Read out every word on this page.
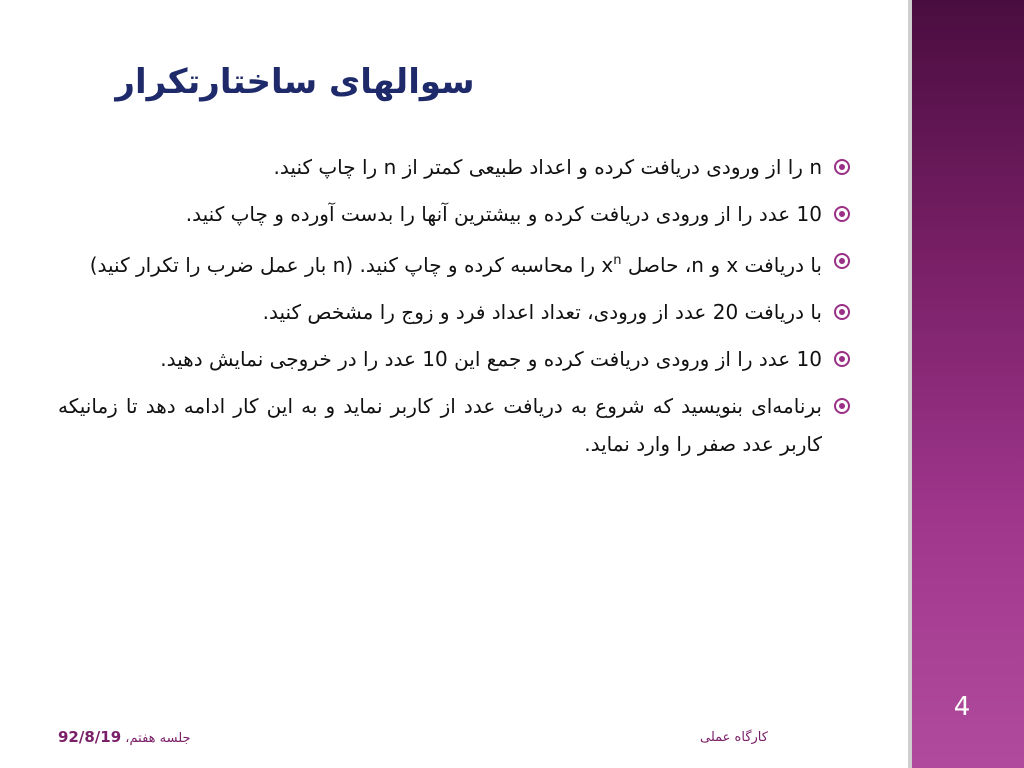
4
سوالهای ساختارتکرار
n را از ورودی دریافت کرده و اعداد طبیعی کمتر از n را چاپ کنید.
10 عدد را از ورودی دریافت کرده و بیشترین آنها را بدست آورده و چاپ کنید.
با دریافت x و n، حاصل $x^n$ را محاسبه کرده و چاپ کنید. (n بار عمل ضرب را تکرار کنید)
با دریافت 20 عدد از ورودی، تعداد اعداد فرد و زوج را مشخص کنید.
10 عدد را از ورودی دریافت کرده و جمع این 10 عدد را در خروجی نمایش دهید.
برنامه‌ای بنویسید که شروع به دریافت عدد از کاربر نماید و به این کار ادامه دهد تا زمانیکه کاربر عدد صفر را وارد نماید.
جلسه هفتم، 92/8/19	کارگاه عملی
